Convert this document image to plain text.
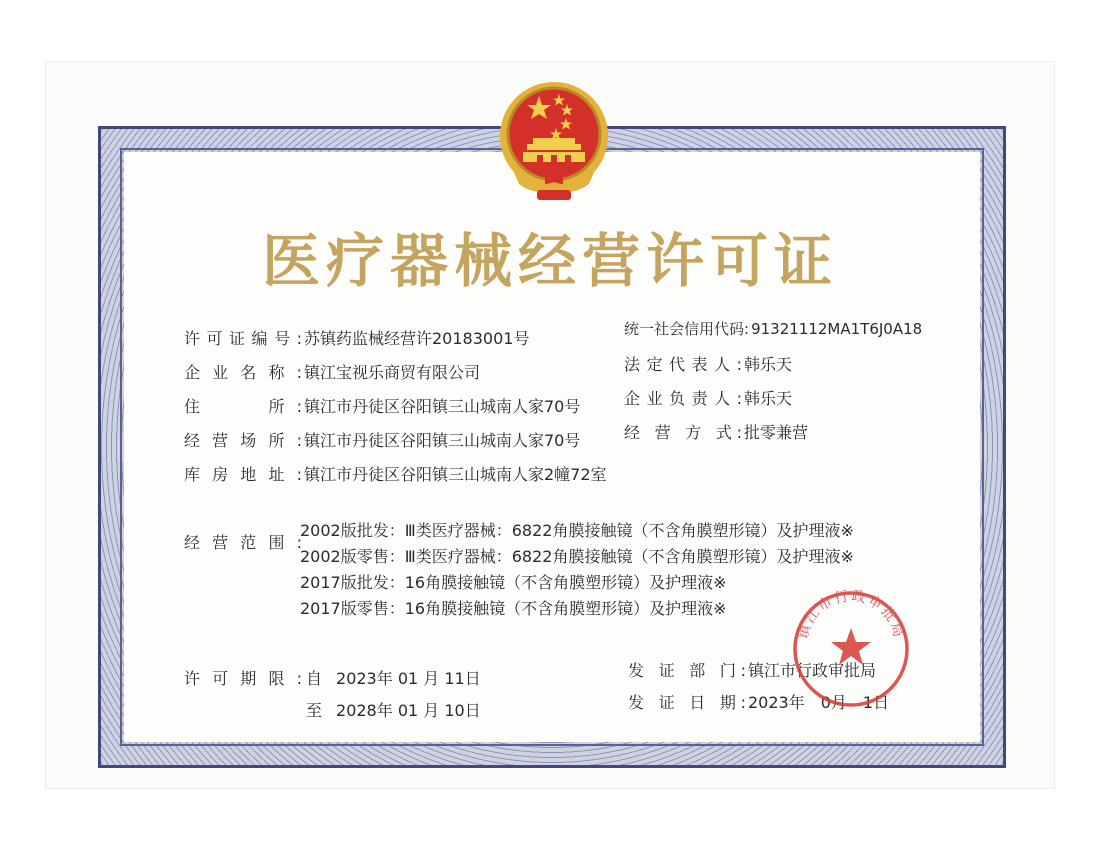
医疗器械经营许可证
许可证编号: 苏镇药监械经营许20183001号
企业名称: 镇江宝视乐商贸有限公司
住　　所: 镇江市丹徒区谷阳镇三山城南人家70号
经营场所: 镇江市丹徒区谷阳镇三山城南人家70号
库房地址: 镇江市丹徒区谷阳镇三山城南人家2幢72室
统一社会信用代码: 91321112MA1T6J0A18
法定代表人: 韩乐天
企业负责人: 韩乐天
经 营 方 式: 批零兼营
经营范围:
2002版批发：Ⅲ类医疗器械：6822角膜接触镜（不含角膜塑形镜）及护理液※
2002版零售：Ⅲ类医疗器械：6822角膜接触镜（不含角膜塑形镜）及护理液※
2017版批发：16角膜接触镜（不含角膜塑形镜）及护理液※
2017版零售：16角膜接触镜（不含角膜塑形镜）及护理液※
许可期限: 自 2023年 01 月 11日
至 2028年 01 月 10日
发 证 部 门: 镇江市行政审批局
发 证 日 期: 2023年　0月　1日
镇江市行政审批局
